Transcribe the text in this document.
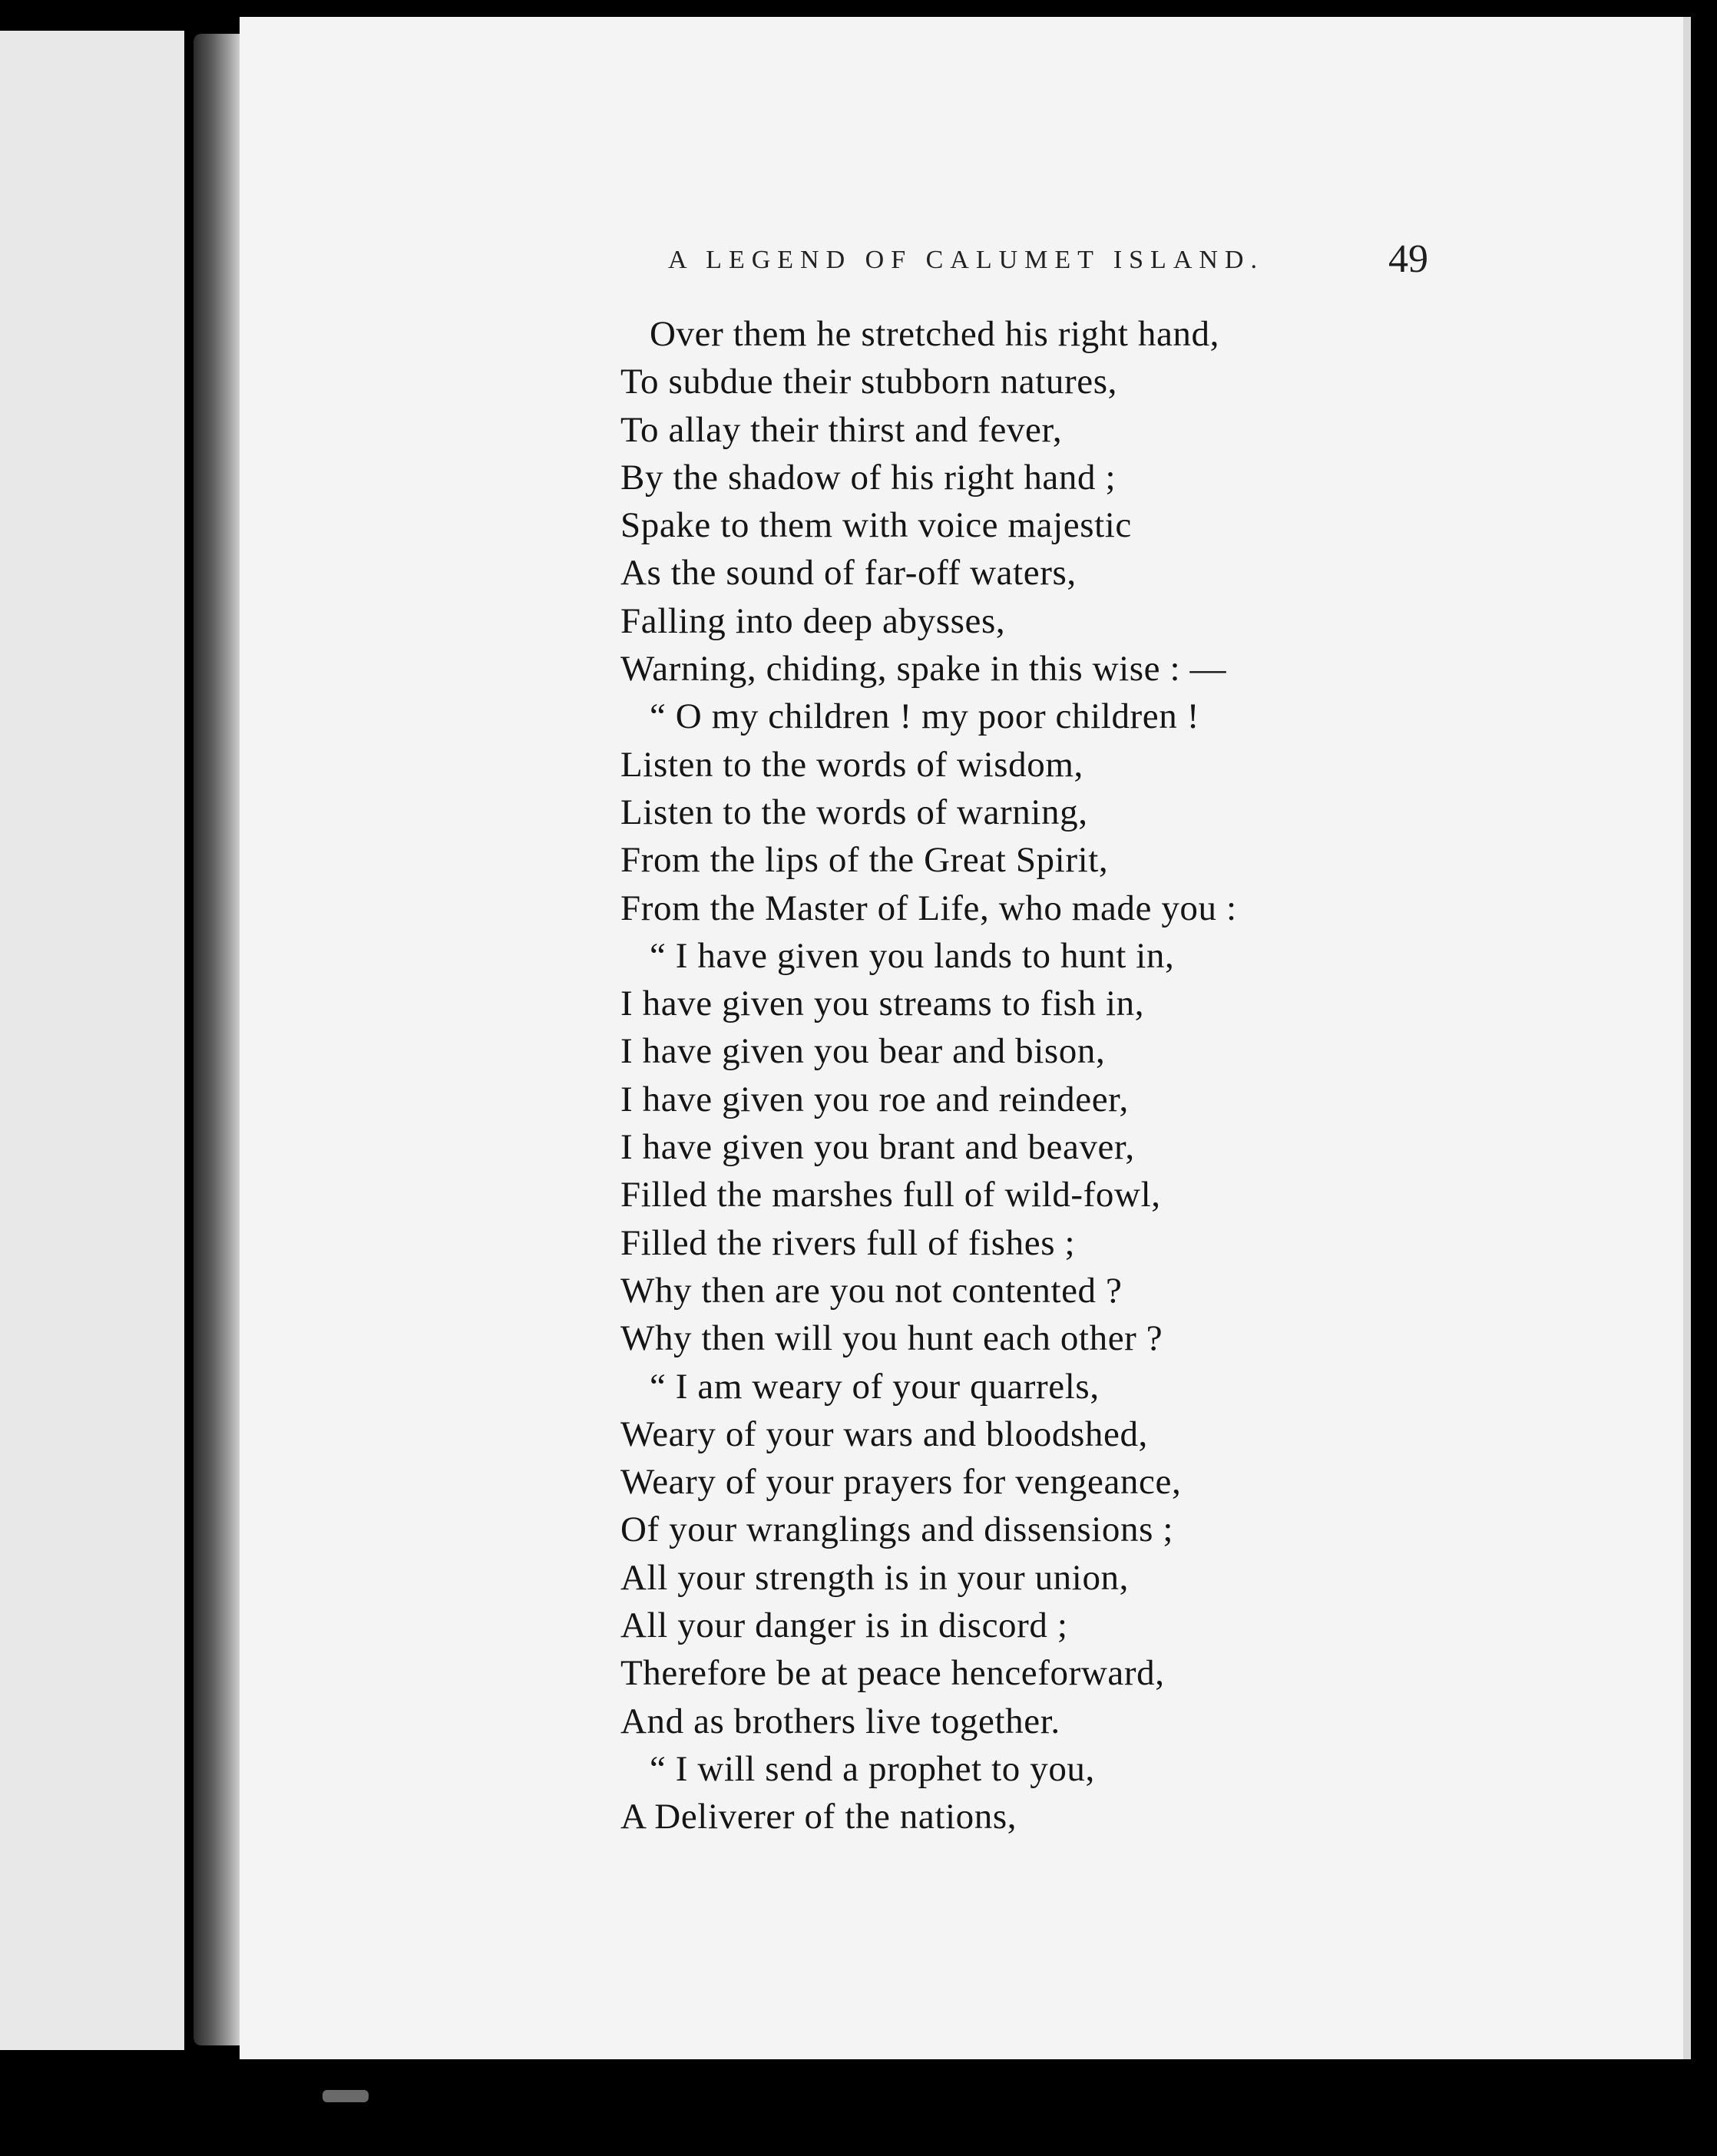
A LEGEND OF CALUMET ISLAND.	49
Over them he stretched his right hand,
To subdue their stubborn natures,
To allay their thirst and fever,
By the shadow of his right hand ;
Spake to them with voice majestic
As the sound of far-off waters,
Falling into deep abysses,
Warning, chiding, spake in this wise : —
“ O my children ! my poor children !
Listen to the words of wisdom,
Listen to the words of warning,
From the lips of the Great Spirit,
From the Master of Life, who made you :
“ I have given you lands to hunt in,
I have given you streams to fish in,
I have given you bear and bison,
I have given you roe and reindeer,
I have given you brant and beaver,
Filled the marshes full of wild-fowl,
Filled the rivers full of fishes ;
Why then are you not contented ?
Why then will you hunt each other ?
“ I am weary of your quarrels,
Weary of your wars and bloodshed,
Weary of your prayers for vengeance,
Of your wranglings and dissensions ;
All your strength is in your union,
All your danger is in discord ;
Therefore be at peace henceforward,
And as brothers live together.
“ I will send a prophet to you,
A Deliverer of the nations,
